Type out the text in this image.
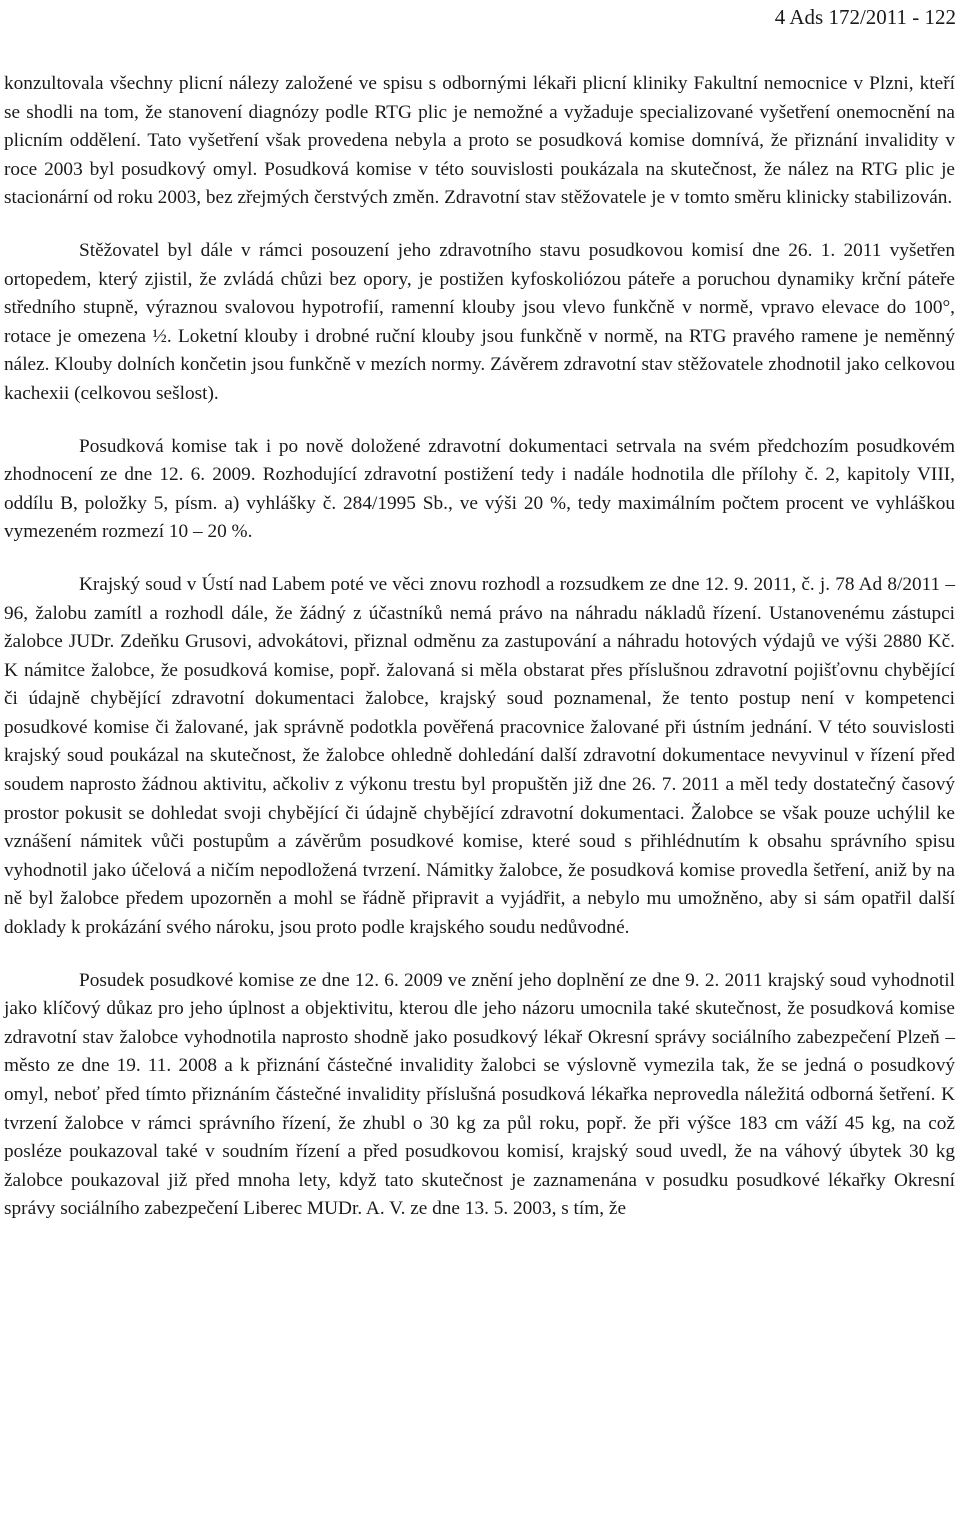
4 Ads 172/2011 - 122

konzultovala všechny plicní nálezy založené ve spisu s odbornými lékaři plicní kliniky Fakultní nemocnice v Plzni, kteří se shodli na tom, že stanovení diagnózy podle RTG plic je nemožné a vyžaduje specializované vyšetření onemocnění na plicním oddělení. Tato vyšetření však provedena nebyla a proto se posudková komise domnívá, že přiznání invalidity v roce 2003 byl posudkový omyl. Posudková komise v této souvislosti poukázala na skutečnost, že nález na RTG plic je stacionární od roku 2003, bez zřejmých čerstvých změn. Zdravotní stav stěžovatele je v tomto směru klinicky stabilizován.

Stěžovatel byl dále v rámci posouzení jeho zdravotního stavu posudkovou komisí dne 26. 1. 2011 vyšetřen ortopedem, který zjistil, že zvládá chůzi bez opory, je postižen kyfoskoliózou páteře a poruchou dynamiky krční páteře středního stupně, výraznou svalovou hypotrofií, ramenní klouby jsou vlevo funkčně v normě, vpravo elevace do 100°, rotace je omezena ½. Loketní klouby i drobné ruční klouby jsou funkčně v normě, na RTG pravého ramene je neměnný nález. Klouby dolních končetin jsou funkčně v mezích normy. Závěrem zdravotní stav stěžovatele zhodnotil jako celkovou kachexii (celkovou sešlost).

Posudková komise tak i po nově doložené zdravotní dokumentaci setrvala na svém předchozím posudkovém zhodnocení ze dne 12. 6. 2009. Rozhodující zdravotní postižení tedy i nadále hodnotila dle přílohy č. 2, kapitoly VIII, oddílu B, položky 5, písm. a) vyhlášky č. 284/1995 Sb., ve výši 20 %, tedy maximálním počtem procent ve vyhláškou vymezeném rozmezí 10 – 20 %.

Krajský soud v Ústí nad Labem poté ve věci znovu rozhodl a rozsudkem ze dne 12. 9. 2011, č. j. 78 Ad 8/2011 – 96, žalobu zamítl a rozhodl dále, že žádný z účastníků nemá právo na náhradu nákladů řízení. Ustanovenému zástupci žalobce JUDr. Zdeňku Grusovi, advokátovi, přiznal odměnu za zastupování a náhradu hotových výdajů ve výši 2880 Kč. K námitce žalobce, že posudková komise, popř. žalovaná si měla obstarat přes příslušnou zdravotní pojišťovnu chybějící či údajně chybějící zdravotní dokumentaci žalobce, krajský soud poznamenal, že tento postup není v kompetenci posudkové komise či žalované, jak správně podotkla pověřená pracovnice žalované při ústním jednání. V této souvislosti krajský soud poukázal na skutečnost, že žalobce ohledně dohledání další zdravotní dokumentace nevyvinul v řízení před soudem naprosto žádnou aktivitu, ačkoliv z výkonu trestu byl propuštěn již dne 26. 7. 2011 a měl tedy dostatečný časový prostor pokusit se dohledat svoji chybějící či údajně chybějící zdravotní dokumentaci. Žalobce se však pouze uchýlil ke vznášení námitek vůči postupům a závěrům posudkové komise, které soud s přihlédnutím k obsahu správního spisu vyhodnotil jako účelová a ničím nepodložená tvrzení. Námitky žalobce, že posudková komise provedla šetření, aniž by na ně byl žalobce předem upozorněn a mohl se řádně připravit a vyjádřit, a nebylo mu umožněno, aby si sám opatřil další doklady k prokázání svého nároku, jsou proto podle krajského soudu nedůvodné.

Posudek posudkové komise ze dne 12. 6. 2009 ve znění jeho doplnění ze dne 9. 2. 2011 krajský soud vyhodnotil jako klíčový důkaz pro jeho úplnost a objektivitu, kterou dle jeho názoru umocnila také skutečnost, že posudková komise zdravotní stav žalobce vyhodnotila naprosto shodně jako posudkový lékař Okresní správy sociálního zabezpečení Plzeň – město ze dne 19. 11. 2008 a k přiznání částečné invalidity žalobci se výslovně vymezila tak, že se jedná o posudkový omyl, neboť před tímto přiznáním částečné invalidity příslušná posudková lékařka neprovedla náležitá odborná šetření. K tvrzení žalobce v rámci správního řízení, že zhubl o 30 kg za půl roku, popř. že při výšce 183 cm váží 45 kg, na což posléze poukazoval také v soudním řízení a před posudkovou komisí, krajský soud uvedl, že na váhový úbytek 30 kg žalobce poukazoval již před mnoha lety, když tato skutečnost je zaznamenána v posudku posudkové lékařky Okresní správy sociálního zabezpečení Liberec MUDr. A. V. ze dne 13. 5. 2003, s tím, že
